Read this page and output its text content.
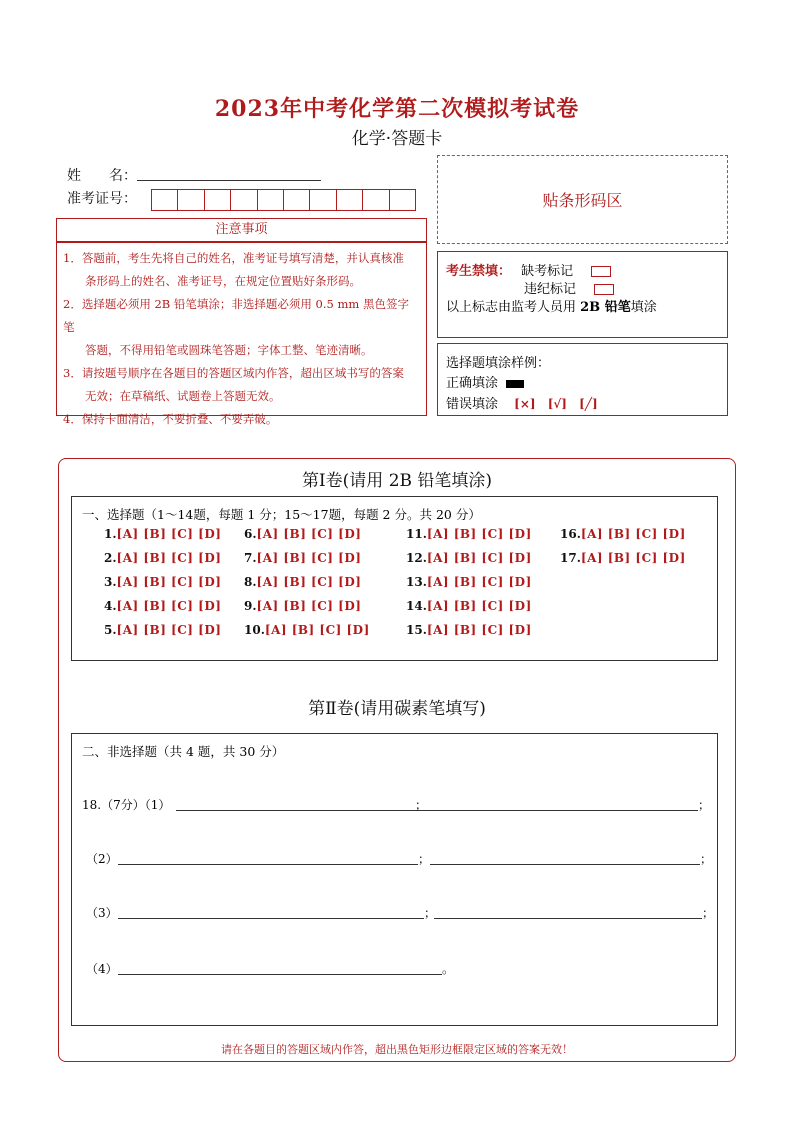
2023年中考化学第二次模拟考试卷
化学·答题卡
姓　　名：
准考证号：	贴条形码区
注意事项

1．答题前，考生先将自己的姓名，准考证号填写清楚，并认真核准

条形码上的姓名、准考证号，在规定位置贴好条形码。

2．选择题必须用 2B 铅笔填涂；非选择题必须用 0.5 mm 黑色签字笔

答题，不得用铅笔或圆珠笔答题；字体工整、笔迹清晰。

3．请按题号顺序在各题目的答题区域内作答，超出区域书写的答案

无效；在草稿纸、试题卷上答题无效。

4．保持卡面清洁，不要折叠、不要弄破。

考生禁填： 缺考标记
违纪标记
以上标志由监考人员用 2B 铅笔填涂
选择题填涂样例：
正确填涂
错误填涂 [×] [√] [╱]
第Ⅰ卷(请用 2B 铅笔填涂)
一、选择题（1～14题，每题 1 分；15～17题，每题 2 分。共 20 分）
1.[A] [B] [C] [D]
2.[A] [B] [C] [D]
3.[A] [B] [C] [D]
4.[A] [B] [C] [D]
5.[A] [B] [C] [D]
6.[A] [B] [C] [D]
7.[A] [B] [C] [D]
8.[A] [B] [C] [D]
9.[A] [B] [C] [D]
10.[A] [B] [C] [D]
11.[A] [B] [C] [D]
12.[A] [B] [C] [D]
13.[A] [B] [C] [D]
14.[A] [B] [C] [D]
15.[A] [B] [C] [D]
16.[A] [B] [C] [D]
17.[A] [B] [C] [D]
第Ⅱ卷(请用碳素笔填写)
二、非选择题（共 4 题，共 30 分）
18.（7分）（1）	；	；
（2）	；	；
（3）	；	；
（4）	。
请在各题目的答题区域内作答，超出黑色矩形边框限定区域的答案无效！
